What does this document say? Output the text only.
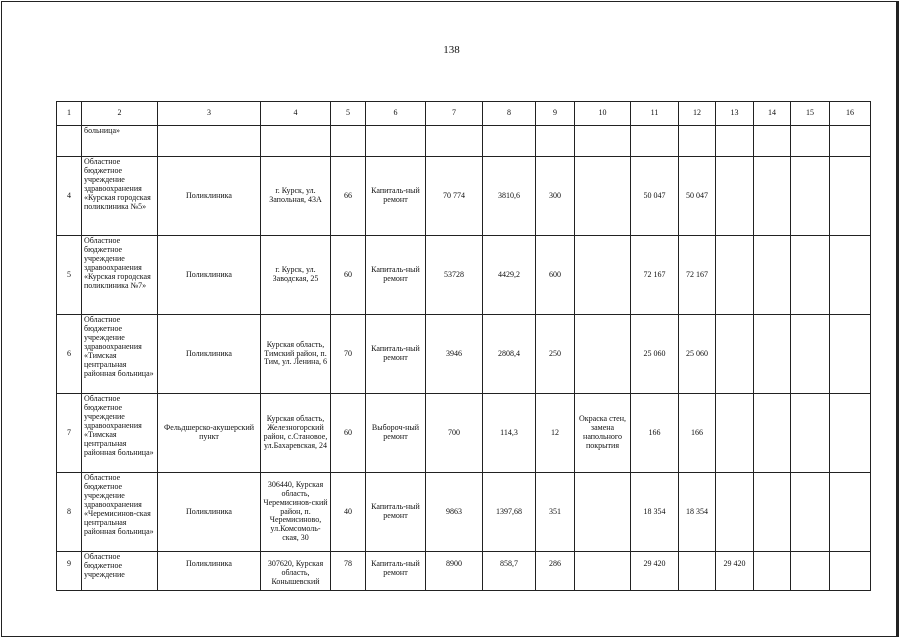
138
1	2	3	4	5	6	7	8	9	10	11	12	13	14	15	16
	больница»														
4	Областное бюджетное учреждение здравоохранения «Курская городская поликлиника №5»	Поликлиника	г. Курск, ул. Запольная, 43А	66	Капиталь-ный ремонт	70 774	3810,6	300		50 047	50 047				
5	Областное бюджетное учреждение здравоохранения «Курская городская поликлиника №7»	Поликлиника	г. Курск, ул. Заводская, 25	60	Капиталь-ный ремонт	53728	4429,2	600		72 167	72 167				
6	Областное бюджетное учреждение здравоохранения «Тимская центральная районная больница»	Поликлиника	Курская область, Тимский район, п. Тим, ул. Ленина, 6	70	Капиталь-ный ремонт	3946	2808,4	250		25 060	25 060				
7	Областное бюджетное учреждение здравоохранения «Тимская центральная районная больница»	Фельдшерско-акушерский пункт	Курская область, Железногорский район, с.Становое, ул.Бахаревская, 24	60	Выбороч-ный ремонт	700	114,3	12	Окраска стен, замена напольного покрытия	166	166				
8	Областное бюджетное учреждение здравоохранения «Черемисинов-ская центральная районная больница»	Поликлиника	306440, Курская область, Черемисинов-ский район, п. Черемисиново, ул.Комсомоль-ская, 30	40	Капиталь-ный ремонт	9863	1397,68	351		18 354	18 354				
9	Областное бюджетное учреждение	Поликлиника	307620, Курская область, Конышевский	78	Капиталь-ный ремонт	8900	858,7	286		29 420		29 420			
